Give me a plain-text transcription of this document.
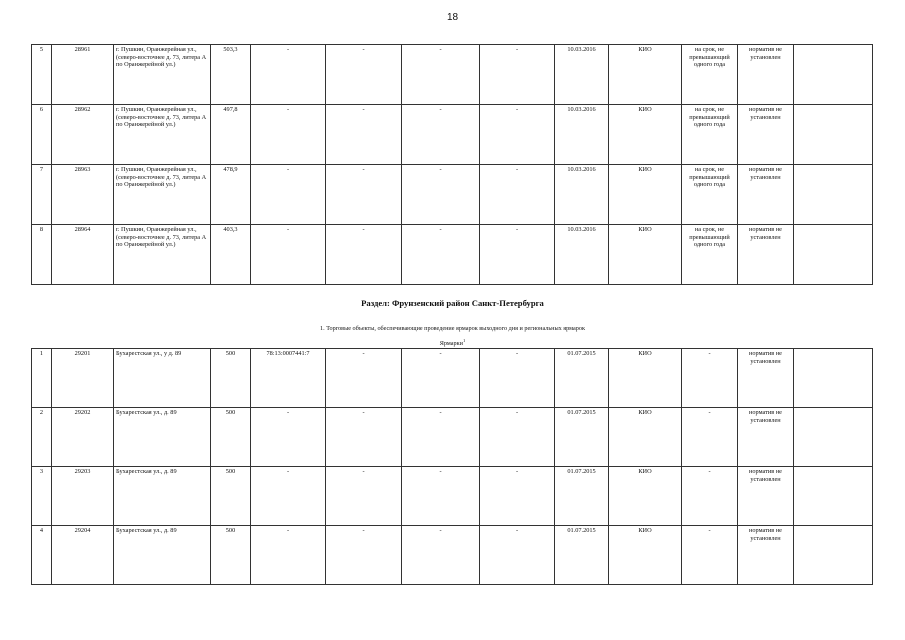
18
5	28961	г. Пушкин, Оранжерейная ул., (северо-восточнее д. 73, литера А по Оранжерейной ул.)	503,3	-	-	-	-	10.03.2016	КИО	на срок, не превышающий одного года	норматив не установлен	
6	28962	г. Пушкин, Оранжерейная ул., (северо-восточнее д. 73, литера А по Оранжерейной ул.)	497,8	-	-	-	-	10.03.2016	КИО	на срок, не превышающий одного года	норматив не установлен	
7	28963	г. Пушкин, Оранжерейная ул., (северо-восточнее д. 73, литера А по Оранжерейной ул.)	478,9	-	-	-	-	10.03.2016	КИО	на срок, не превышающий одного года	норматив не установлен	
8	28964	г. Пушкин, Оранжерейная ул., (северо-восточнее д. 73, литера А по Оранжерейной ул.)	403,3	-	-	-	-	10.03.2016	КИО	на срок, не превышающий одного года	норматив не установлен	
Раздел: Фрунзенский район Санкт-Петербурга
1. Торговые объекты, обеспечивающие проведение ярмарок выходного дня и региональных ярмарок
Ярмарки$^1$
1	29201	Бухарестская ул., у д. 89	500	78:13:0007441:7	-	-	-	01.07.2015	КИО	-	норматив не установлен	
2	29202	Бухарестская ул., д. 89	500	-	-	-	-	01.07.2015	КИО	-	норматив не установлен	
3	29203	Бухарестская ул., д. 89	500	-	-	-	-	01.07.2015	КИО	-	норматив не установлен	
4	29204	Бухарестская ул., д. 89	500	-	-	-	-	01.07.2015	КИО	-	норматив не установлен	
